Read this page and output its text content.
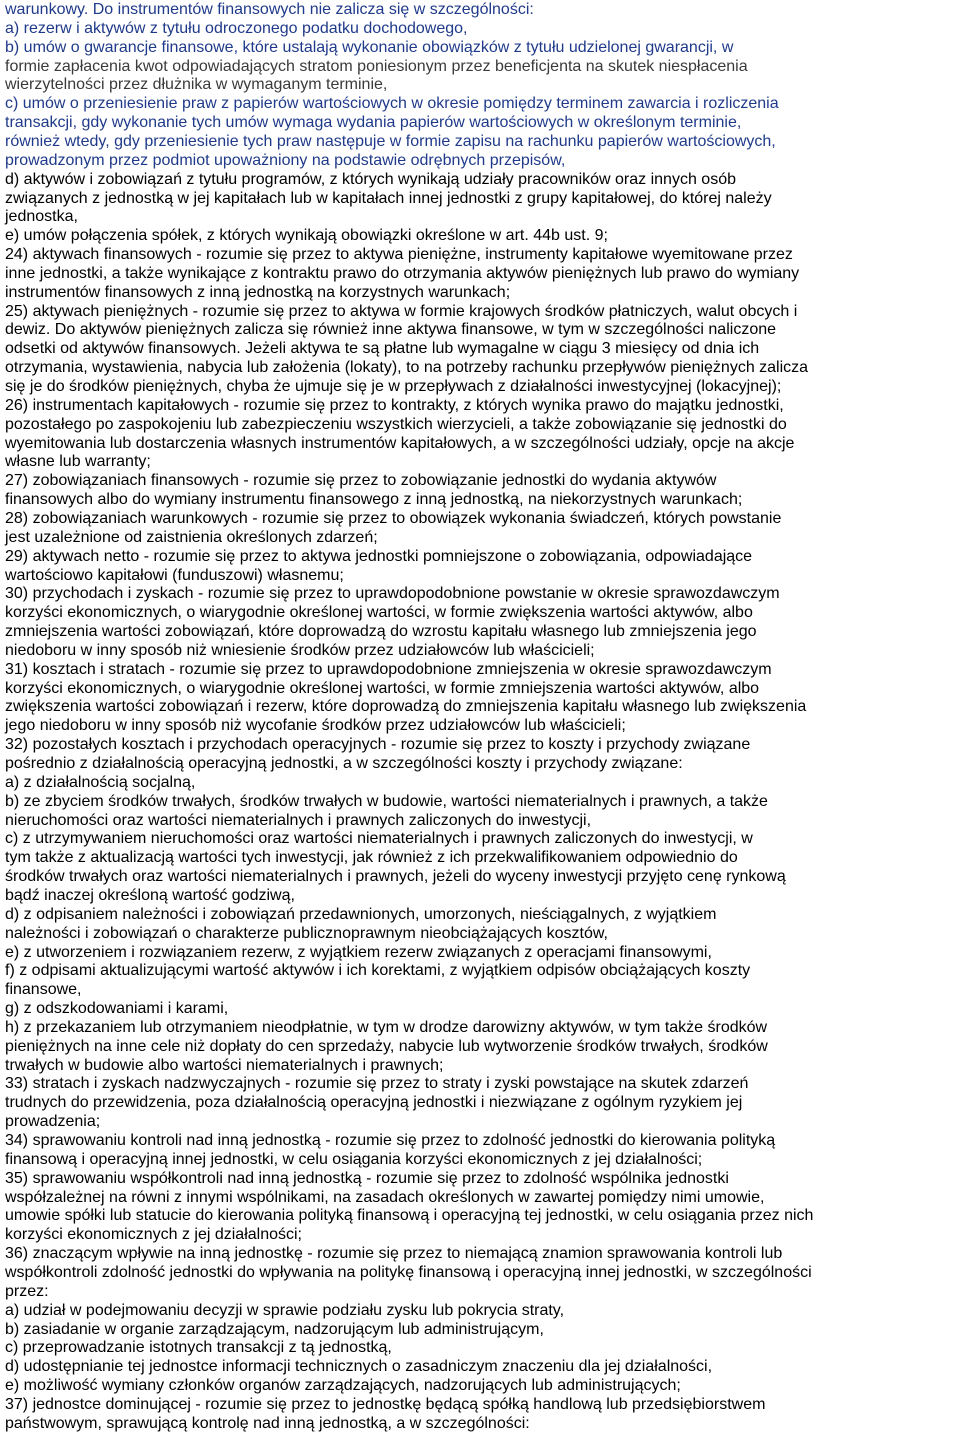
warunkowy. Do instrumentów finansowych nie zalicza się w szczególności:
a) rezerw i aktywów z tytułu odroczonego podatku dochodowego,
b) umów o gwarancje finansowe, które ustalają wykonanie obowiązków z tytułu udzielonej gwarancji, w
formie zapłacenia kwot odpowiadających stratom poniesionym przez beneficjenta na skutek niespłacenia
wierzytelności przez dłużnika w wymaganym terminie,
c) umów o przeniesienie praw z papierów wartościowych w okresie pomiędzy terminem zawarcia i rozliczenia
transakcji, gdy wykonanie tych umów wymaga wydania papierów wartościowych w określonym terminie,
również wtedy, gdy przeniesienie tych praw następuje w formie zapisu na rachunku papierów wartościowych,
prowadzonym przez podmiot upoważniony na podstawie odrębnych przepisów,
d) aktywów i zobowiązań z tytułu programów, z których wynikają udziały pracowników oraz innych osób
związanych z jednostką w jej kapitałach lub w kapitałach innej jednostki z grupy kapitałowej, do której należy
jednostka,
e) umów połączenia spółek, z których wynikają obowiązki określone w art. 44b ust. 9;
24) aktywach finansowych - rozumie się przez to aktywa pieniężne, instrumenty kapitałowe wyemitowane przez
inne jednostki, a także wynikające z kontraktu prawo do otrzymania aktywów pieniężnych lub prawo do wymiany
instrumentów finansowych z inną jednostką na korzystnych warunkach;
25) aktywach pieniężnych - rozumie się przez to aktywa w formie krajowych środków płatniczych, walut obcych i
dewiz. Do aktywów pieniężnych zalicza się również inne aktywa finansowe, w tym w szczególności naliczone
odsetki od aktywów finansowych. Jeżeli aktywa te są płatne lub wymagalne w ciągu 3 miesięcy od dnia ich
otrzymania, wystawienia, nabycia lub założenia (lokaty), to na potrzeby rachunku przepływów pieniężnych zalicza
się je do środków pieniężnych, chyba że ujmuje się je w przepływach z działalności inwestycyjnej (lokacyjnej);
26) instrumentach kapitałowych - rozumie się przez to kontrakty, z których wynika prawo do majątku jednostki,
pozostałego po zaspokojeniu lub zabezpieczeniu wszystkich wierzycieli, a także zobowiązanie się jednostki do
wyemitowania lub dostarczenia własnych instrumentów kapitałowych, a w szczególności udziały, opcje na akcje
własne lub warranty;
27) zobowiązaniach finansowych - rozumie się przez to zobowiązanie jednostki do wydania aktywów
finansowych albo do wymiany instrumentu finansowego z inną jednostką, na niekorzystnych warunkach;
28) zobowiązaniach warunkowych - rozumie się przez to obowiązek wykonania świadczeń, których powstanie
jest uzależnione od zaistnienia określonych zdarzeń;
29) aktywach netto - rozumie się przez to aktywa jednostki pomniejszone o zobowiązania, odpowiadające
wartościowo kapitałowi (funduszowi) własnemu;
30) przychodach i zyskach - rozumie się przez to uprawdopodobnione powstanie w okresie sprawozdawczym
korzyści ekonomicznych, o wiarygodnie określonej wartości, w formie zwiększenia wartości aktywów, albo
zmniejszenia wartości zobowiązań, które doprowadzą do wzrostu kapitału własnego lub zmniejszenia jego
niedoboru w inny sposób niż wniesienie środków przez udziałowców lub właścicieli;
31) kosztach i stratach - rozumie się przez to uprawdopodobnione zmniejszenia w okresie sprawozdawczym
korzyści ekonomicznych, o wiarygodnie określonej wartości, w formie zmniejszenia wartości aktywów, albo
zwiększenia wartości zobowiązań i rezerw, które doprowadzą do zmniejszenia kapitału własnego lub zwiększenia
jego niedoboru w inny sposób niż wycofanie środków przez udziałowców lub właścicieli;
32) pozostałych kosztach i przychodach operacyjnych - rozumie się przez to koszty i przychody związane
pośrednio z działalnością operacyjną jednostki, a w szczególności koszty i przychody związane:
a) z działalnością socjalną,
b) ze zbyciem środków trwałych, środków trwałych w budowie, wartości niematerialnych i prawnych, a także
nieruchomości oraz wartości niematerialnych i prawnych zaliczonych do inwestycji,
c) z utrzymywaniem nieruchomości oraz wartości niematerialnych i prawnych zaliczonych do inwestycji, w
tym także z aktualizacją wartości tych inwestycji, jak również z ich przekwalifikowaniem odpowiednio do
środków trwałych oraz wartości niematerialnych i prawnych, jeżeli do wyceny inwestycji przyjęto cenę rynkową
bądź inaczej określoną wartość godziwą,
d) z odpisaniem należności i zobowiązań przedawnionych, umorzonych, nieściągalnych, z wyjątkiem
należności i zobowiązań o charakterze publicznoprawnym nieobciążających kosztów,
e) z utworzeniem i rozwiązaniem rezerw, z wyjątkiem rezerw związanych z operacjami finansowymi,
f) z odpisami aktualizującymi wartość aktywów i ich korektami, z wyjątkiem odpisów obciążających koszty
finansowe,
g) z odszkodowaniami i karami,
h) z przekazaniem lub otrzymaniem nieodpłatnie, w tym w drodze darowizny aktywów, w tym także środków
pieniężnych na inne cele niż dopłaty do cen sprzedaży, nabycie lub wytworzenie środków trwałych, środków
trwałych w budowie albo wartości niematerialnych i prawnych;
33) stratach i zyskach nadzwyczajnych - rozumie się przez to straty i zyski powstające na skutek zdarzeń
trudnych do przewidzenia, poza działalnością operacyjną jednostki i niezwiązane z ogólnym ryzykiem jej
prowadzenia;
34) sprawowaniu kontroli nad inną jednostką - rozumie się przez to zdolność jednostki do kierowania polityką
finansową i operacyjną innej jednostki, w celu osiągania korzyści ekonomicznych z jej działalności;
35) sprawowaniu współkontroli nad inną jednostką - rozumie się przez to zdolność wspólnika jednostki
współzależnej na równi z innymi wspólnikami, na zasadach określonych w zawartej pomiędzy nimi umowie,
umowie spółki lub statucie do kierowania polityką finansową i operacyjną tej jednostki, w celu osiągania przez nich
korzyści ekonomicznych z jej działalności;
36) znaczącym wpływie na inną jednostkę - rozumie się przez to niemającą znamion sprawowania kontroli lub
współkontroli zdolność jednostki do wpływania na politykę finansową i operacyjną innej jednostki, w szczególności
przez:
a) udział w podejmowaniu decyzji w sprawie podziału zysku lub pokrycia straty,
b) zasiadanie w organie zarządzającym, nadzorującym lub administrującym,
c) przeprowadzanie istotnych transakcji z tą jednostką,
d) udostępnianie tej jednostce informacji technicznych o zasadniczym znaczeniu dla jej działalności,
e) możliwość wymiany członków organów zarządzających, nadzorujących lub administrujących;
37) jednostce dominującej - rozumie się przez to jednostkę będącą spółką handlową lub przedsiębiorstwem
państwowym, sprawującą kontrolę nad inną jednostką, a w szczególności:
